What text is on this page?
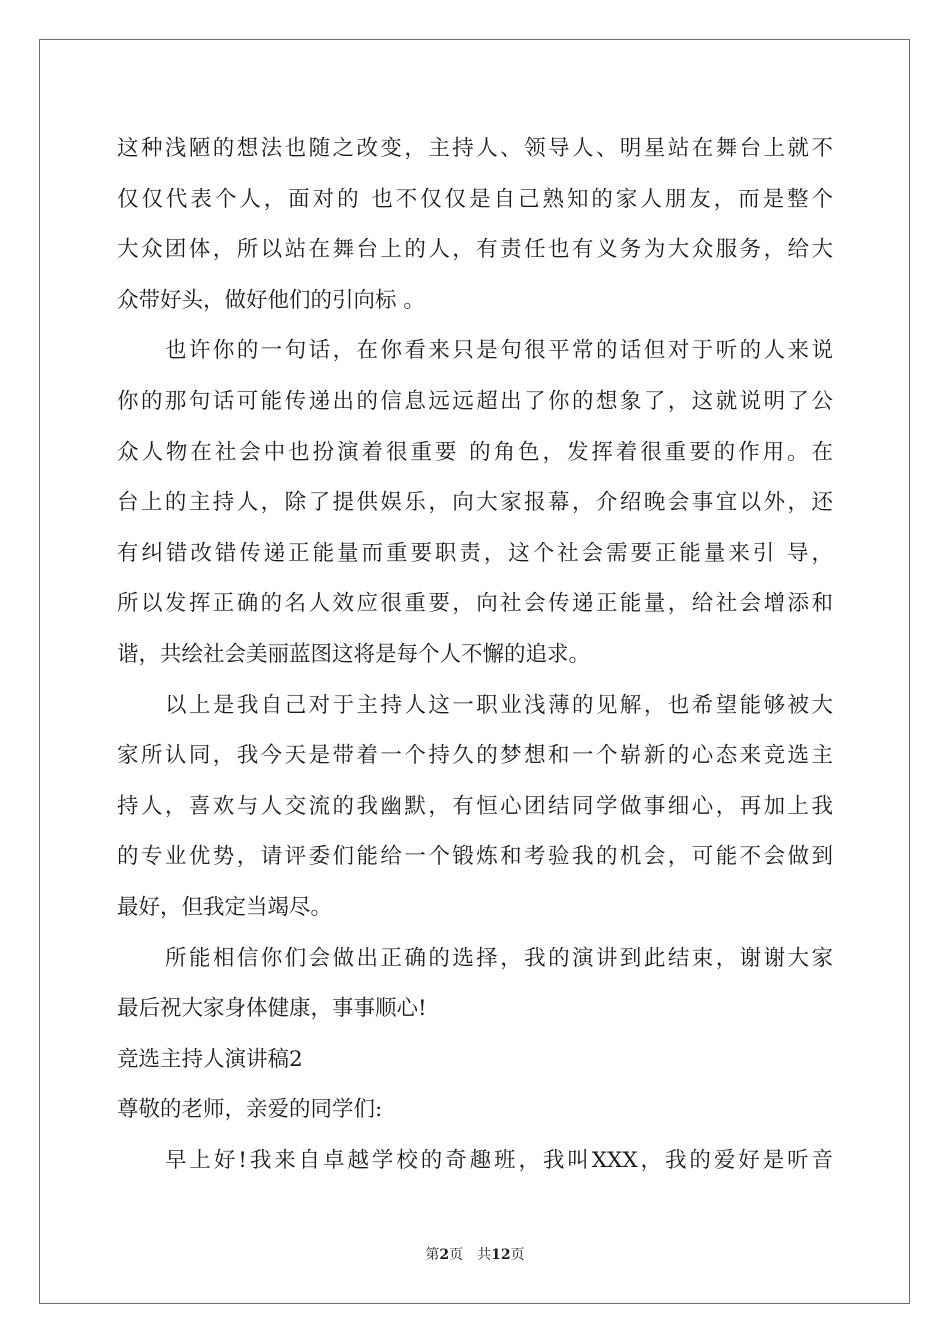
这种浅陋的想法也随之改变，主持人、领导人、明星站在舞台上就不
仅仅代表个人，面对的 也不仅仅是自己熟知的家人朋友，而是整个
大众团体，所以站在舞台上的人，有责任也有义务为大众服务，给大
众带好头，做好他们的引向标 。
也许你的一句话，在你看来只是句很平常的话但对于听的人来说
你的那句话可能传递出的信息远远超出了你的想象了，这就说明了公
众人物在社会中也扮演着很重要 的角色，发挥着很重要的作用。在
台上的主持人，除了提供娱乐，向大家报幕，介绍晚会事宜以外，还
有纠错改错传递正能量而重要职责，这个社会需要正能量来引 导，
所以发挥正确的名人效应很重要，向社会传递正能量，给社会增添和
谐，共绘社会美丽蓝图这将是每个人不懈的追求。
以上是我自己对于主持人这一职业浅薄的见解，也希望能够被大
家所认同，我今天是带着一个持久的梦想和一个崭新的心态来竞选主
持人，喜欢与人交流的我幽默，有恒心团结同学做事细心，再加上我
的专业优势，请评委们能给一个锻炼和考验我的机会，可能不会做到
最好，但我定当竭尽。
所能相信你们会做出正确的选择，我的演讲到此结束，谢谢大家
最后祝大家身体健康，事事顺心!
竞选主持人演讲稿2
尊敬的老师，亲爱的同学们:
早上好!我来自卓越学校的奇趣班，我叫XXX，我的爱好是听音
第2页 共12页
